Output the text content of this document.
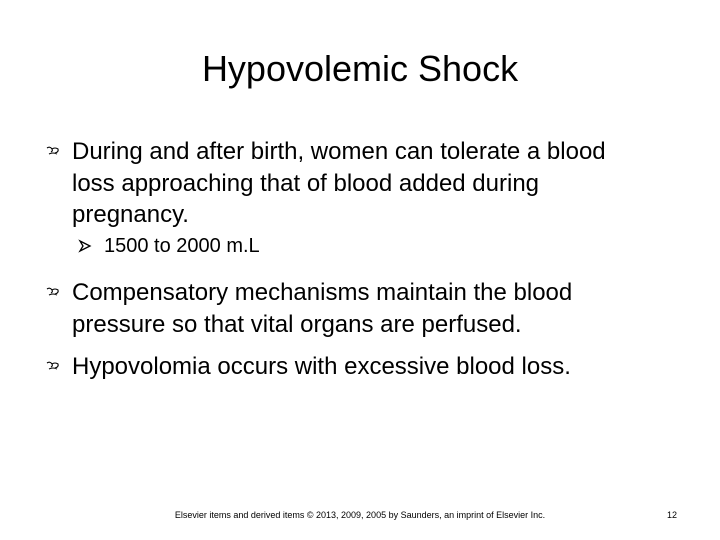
Hypovolemic Shock
During and after birth, women can tolerate a blood loss approaching that of blood added during pregnancy.
1500 to 2000 m.L
Compensatory mechanisms maintain the blood pressure so that vital organs are perfused.
Hypovolomia occurs with excessive blood loss.
Elsevier items and derived items © 2013, 2009, 2005 by Saunders, an imprint of Elsevier Inc.	12
